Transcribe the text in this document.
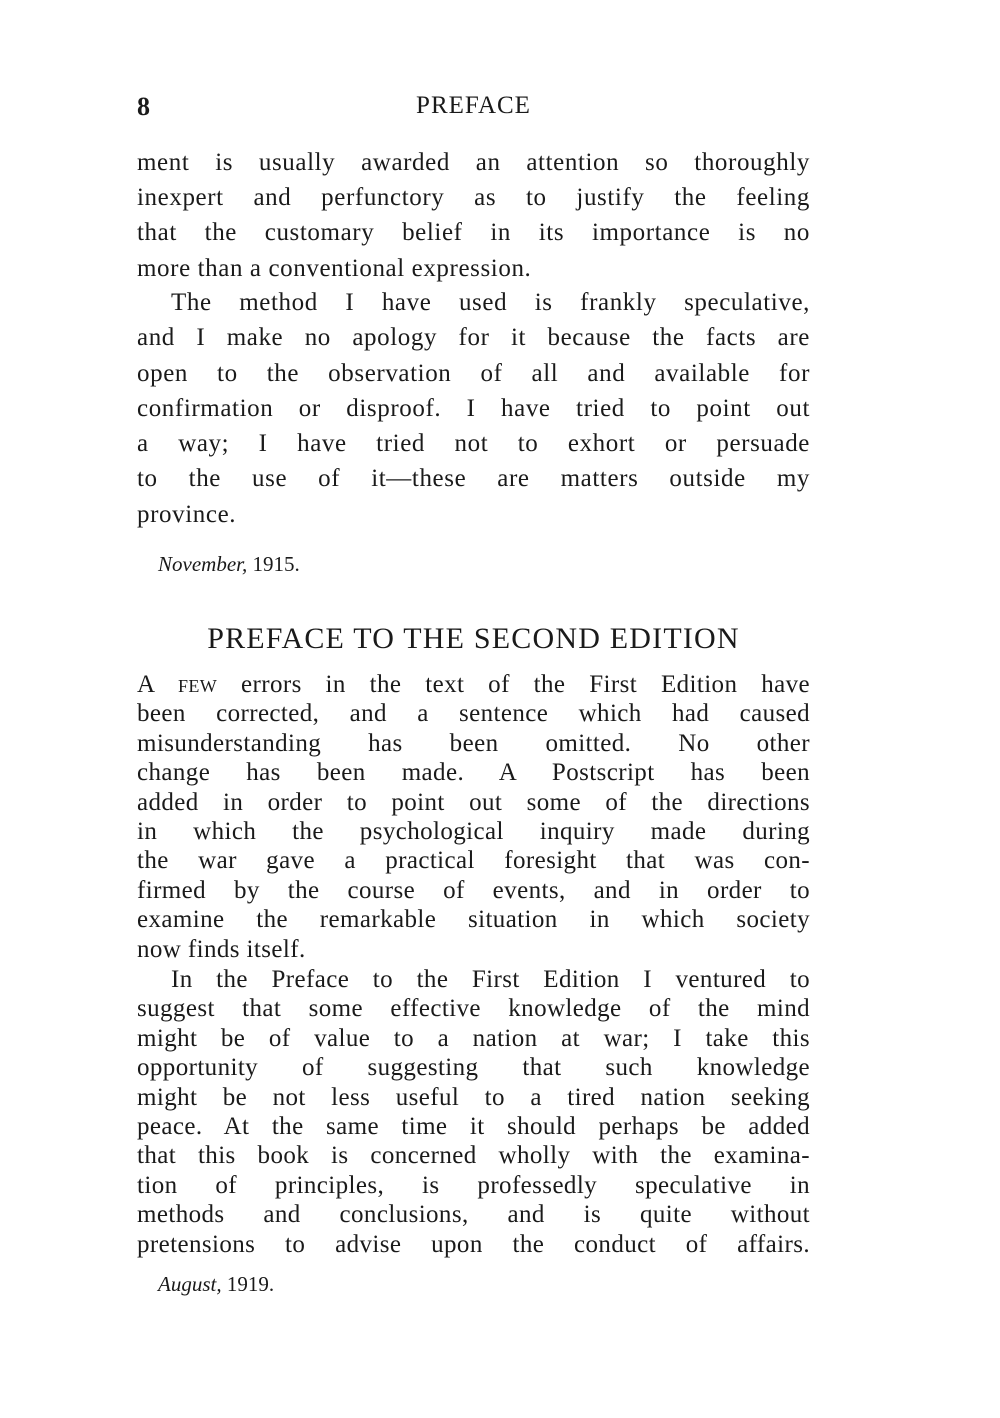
8	PREFACE
ment is usually awarded an attention so thoroughly
inexpert and perfunctory as to justify the feeling
that the customary belief in its importance is no
more than a conventional expression.
The method I have used is frankly speculative,
and I make no apology for it because the facts are
open to the observation of all and available for
confirmation or disproof. I have tried to point out
a way; I have tried not to exhort or persuade
to the use of it—these are matters outside my
province.
November, 1915.
PREFACE TO THE SECOND EDITION
A few errors in the text of the First Edition have
been corrected, and a sentence which had caused
misunderstanding has been omitted. No other
change has been made. A Postscript has been
added in order to point out some of the directions
in which the psychological inquiry made during
the war gave a practical foresight that was con-
firmed by the course of events, and in order to
examine the remarkable situation in which society
now finds itself.
In the Preface to the First Edition I ventured to
suggest that some effective knowledge of the mind
might be of value to a nation at war; I take this
opportunity of suggesting that such knowledge
might be not less useful to a tired nation seeking
peace. At the same time it should perhaps be added
that this book is concerned wholly with the examina-
tion of principles, is professedly speculative in
methods and conclusions, and is quite without
pretensions to advise upon the conduct of affairs.
August, 1919.
